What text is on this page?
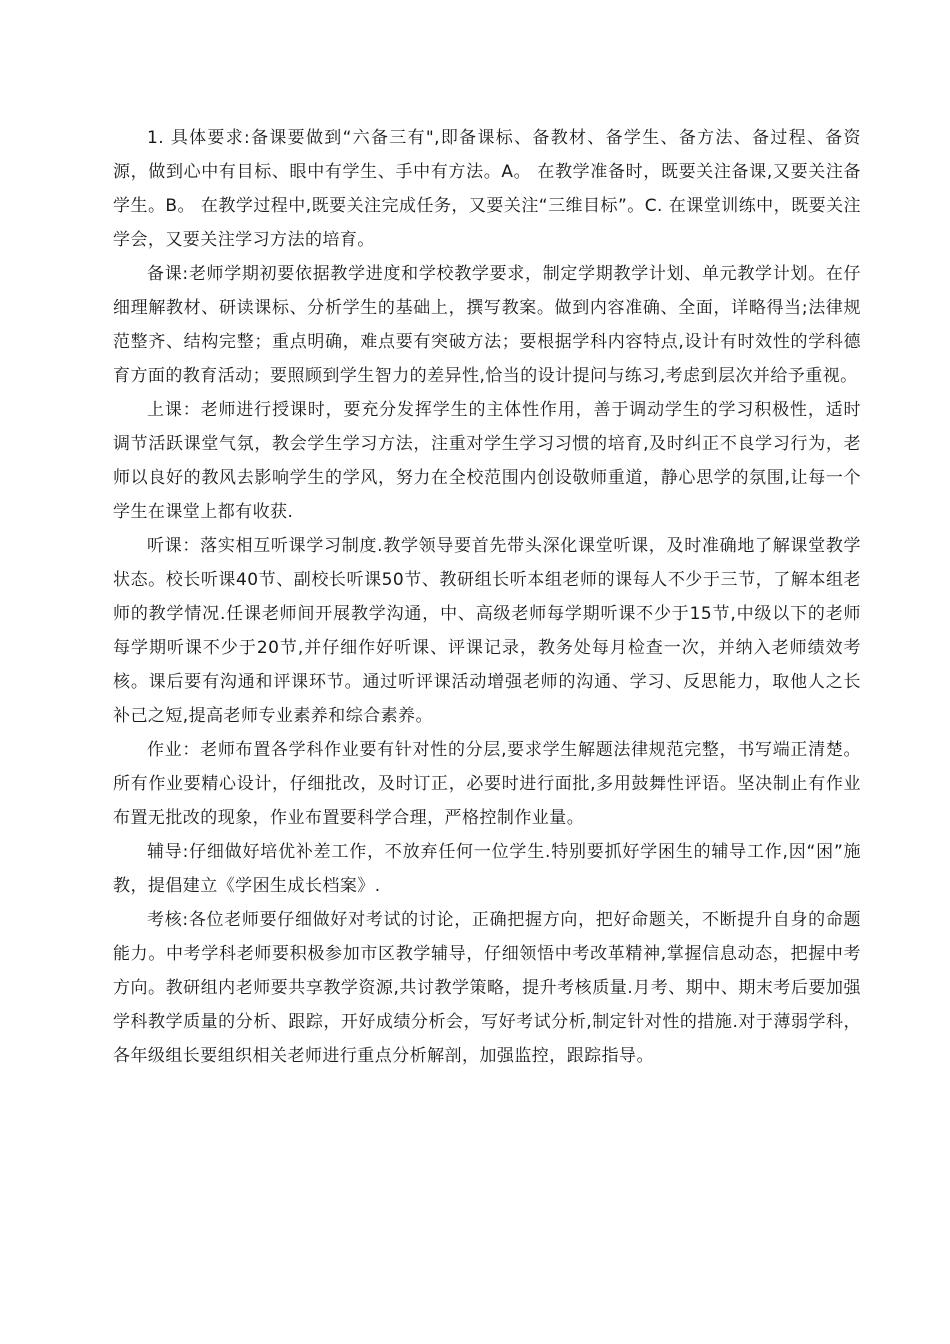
1. 具体要求:备课要做到“六备三有",即备课标、备教材、备学生、备方法、备过程、备资源，做到心中有目标、眼中有学生、手中有方法。A。 在教学准备时，既要关注备课,又要关注备学生。B。 在教学过程中,既要关注完成任务，又要关注“三维目标”。C. 在课堂训练中，既要关注学会，又要关注学习方法的培育。

备课:老师学期初要依据教学进度和学校教学要求，制定学期教学计划、单元教学计划。在仔细理解教材、研读课标、分析学生的基础上，撰写教案。做到内容准确、全面，详略得当;法律规范整齐、结构完整；重点明确，难点要有突破方法；要根据学科内容特点,设计有时效性的学科德育方面的教育活动；要照顾到学生智力的差异性,恰当的设计提问与练习,考虑到层次并给予重视。

上课：老师进行授课时，要充分发挥学生的主体性作用，善于调动学生的学习积极性，适时调节活跃课堂气氛，教会学生学习方法，注重对学生学习习惯的培育,及时纠正不良学习行为，老师以良好的教风去影响学生的学风，努力在全校范围内创设敬师重道，静心思学的氛围,让每一个学生在课堂上都有收获.

听课：落实相互听课学习制度.教学领导要首先带头深化课堂听课，及时准确地了解课堂教学状态。校长听课40节、副校长听课50节、教研组长听本组老师的课每人不少于三节，了解本组老师的教学情况.任课老师间开展教学沟通，中、高级老师每学期听课不少于15节,中级以下的老师每学期听课不少于20节,并仔细作好听课、评课记录，教务处每月检查一次，并纳入老师绩效考核。课后要有沟通和评课环节。通过听评课活动增强老师的沟通、学习、反思能力，取他人之长补己之短,提高老师专业素养和综合素养。

作业：老师布置各学科作业要有针对性的分层,要求学生解题法律规范完整，书写端正清楚。所有作业要精心设计，仔细批改，及时订正，必要时进行面批,多用鼓舞性评语。坚决制止有作业布置无批改的现象，作业布置要科学合理，严格控制作业量。

辅导:仔细做好培优补差工作，不放弃任何一位学生.特别要抓好学困生的辅导工作,因“困”施教，提倡建立《学困生成长档案》.

考核:各位老师要仔细做好对考试的讨论，正确把握方向，把好命题关，不断提升自身的命题能力。中考学科老师要积极参加市区教学辅导，仔细领悟中考改革精神,掌握信息动态，把握中考方向。教研组内老师要共享教学资源,共讨教学策略，提升考核质量.月考、期中、期末考后要加强学科教学质量的分析、跟踪，开好成绩分析会，写好考试分析,制定针对性的措施.对于薄弱学科，各年级组长要组织相关老师进行重点分析解剖，加强监控，跟踪指导。
